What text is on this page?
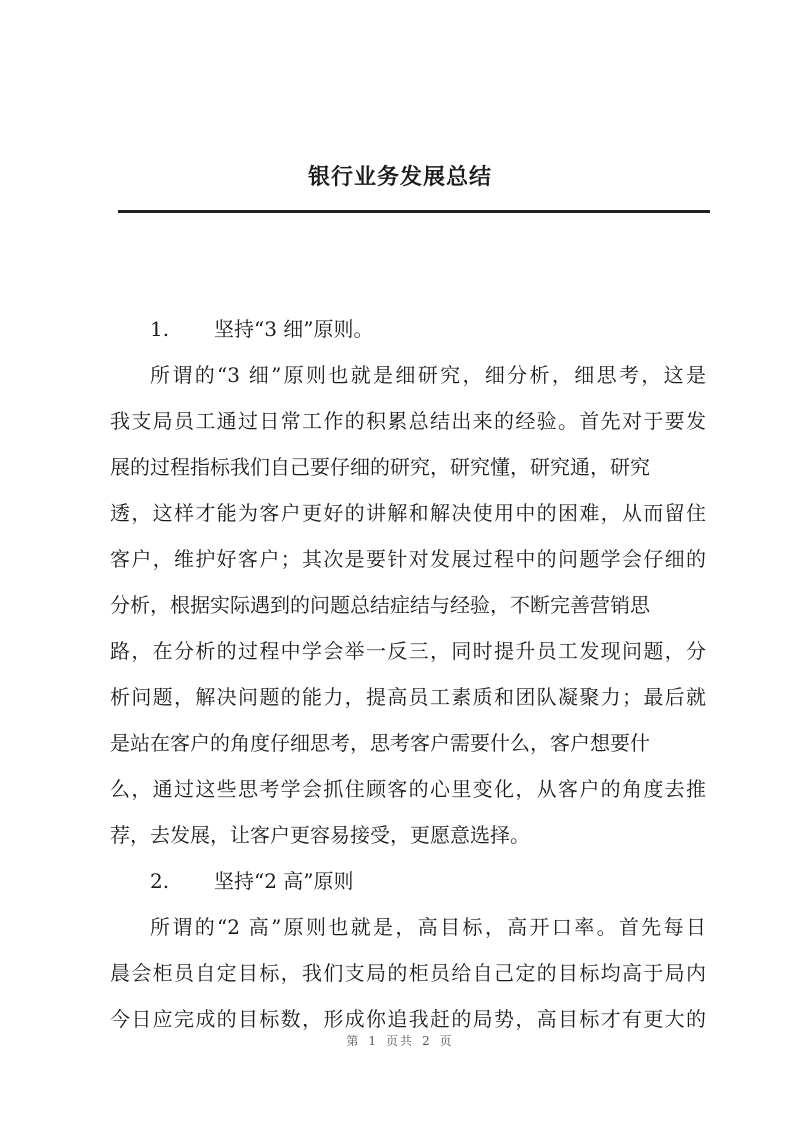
银行业务发展总结
1. 坚持“3 细”原则。
所谓的“3 细”原则也就是细研究，细分析，细思考，这是
我支局员工通过日常工作的积累总结出来的经验。首先对于要发
展的过程指标我们自己要仔细的研究，研究懂，研究通，研究
透，这样才能为客户更好的讲解和解决使用中的困难，从而留住
客户，维护好客户；其次是要针对发展过程中的问题学会仔细的
分析，根据实际遇到的问题总结症结与经验，不断完善营销思
路，在分析的过程中学会举一反三，同时提升员工发现问题，分
析问题，解决问题的能力，提高员工素质和团队凝聚力；最后就
是站在客户的角度仔细思考，思考客户需要什么，客户想要什
么，通过这些思考学会抓住顾客的心里变化，从客户的角度去推
荐，去发展，让客户更容易接受，更愿意选择。
2. 坚持“2 高”原则
所谓的“2 高”原则也就是，高目标，高开口率。首先每日
晨会柜员自定目标，我们支局的柜员给自己定的目标均高于局内
今日应完成的目标数，形成你追我赶的局势，高目标才有更大的
第 1 页共 2 页
